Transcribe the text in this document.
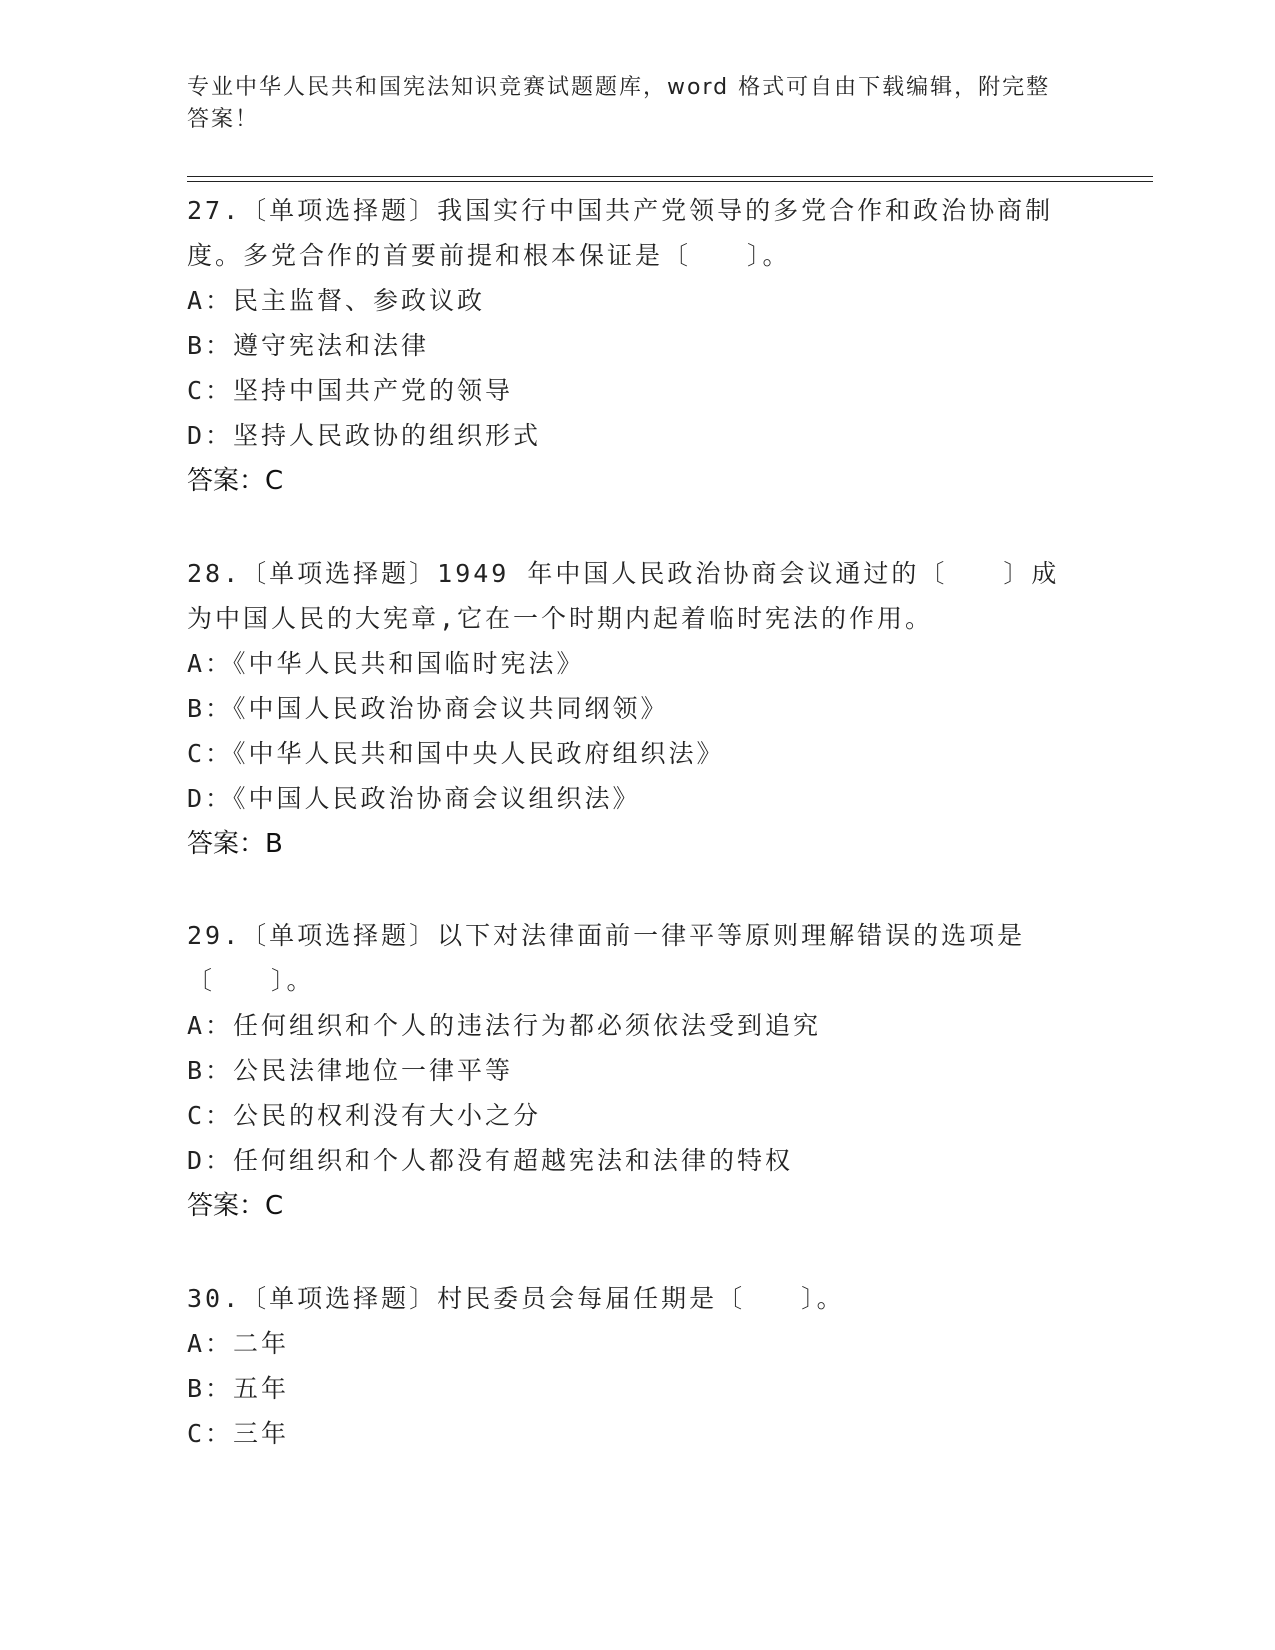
专业中华人民共和国宪法知识竞赛试题题库，word 格式可自由下载编辑，附完整答案！

27.〔单项选择题〕我国实行中国共产党领导的多党合作和政治协商制度。多党合作的首要前提和根本保证是〔　　〕。

A：民主监督、参政议政

B：遵守宪法和法律

C：坚持中国共产党的领导

D：坚持人民政协的组织形式

答案：C

28.〔单项选择题〕1949 年中国人民政治协商会议通过的〔　　〕成为中国人民的大宪章,它在一个时期内起着临时宪法的作用。

A：《中华人民共和国临时宪法》

B：《中国人民政治协商会议共同纲领》

C：《中华人民共和国中央人民政府组织法》

D：《中国人民政治协商会议组织法》

答案：B

29.〔单项选择题〕以下对法律面前一律平等原则理解错误的选项是〔　　〕。

A：任何组织和个人的违法行为都必须依法受到追究

B：公民法律地位一律平等

C：公民的权利没有大小之分

D：任何组织和个人都没有超越宪法和法律的特权

答案：C

30.〔单项选择题〕村民委员会每届任期是〔　　〕。

A：二年

B：五年

C：三年
